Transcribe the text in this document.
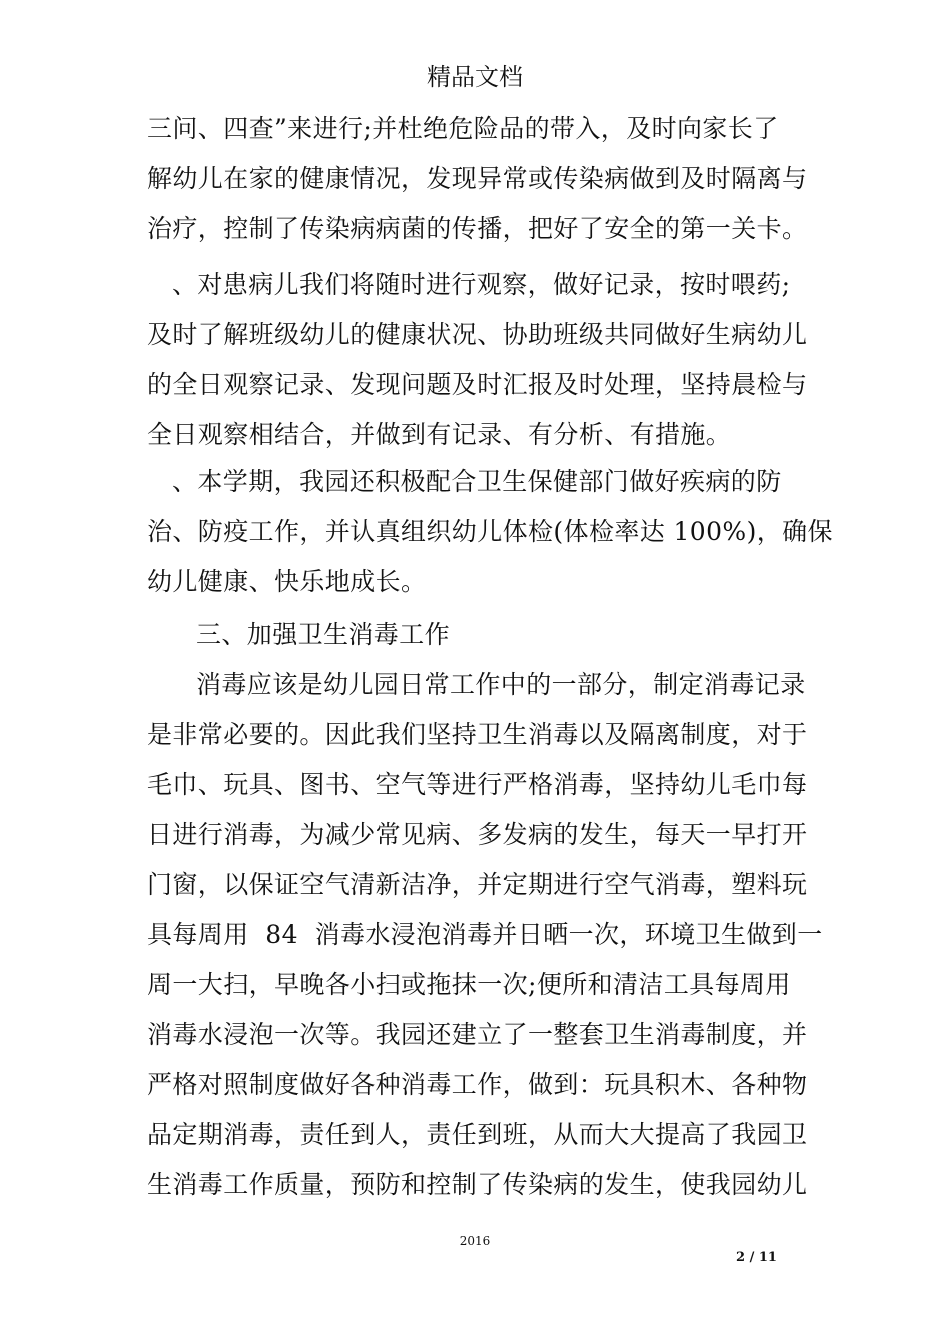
精品文档
三问、四查”来进行;并杜绝危险品的带入，及时向家长了
解幼儿在家的健康情况，发现异常或传染病做到及时隔离与
治疗，控制了传染病病菌的传播，把好了安全的第一关卡。
、对患病儿我们将随时进行观察，做好记录，按时喂药;
及时了解班级幼儿的健康状况、协助班级共同做好生病幼儿
的全日观察记录、发现问题及时汇报及时处理，坚持晨检与
全日观察相结合，并做到有记录、有分析、有措施。
、本学期，我园还积极配合卫生保健部门做好疾病的防
治、防疫工作，并认真组织幼儿体检(体检率达 100%)，确保
幼儿健康、快乐地成长。
三、加强卫生消毒工作
消毒应该是幼儿园日常工作中的一部分，制定消毒记录
是非常必要的。因此我们坚持卫生消毒以及隔离制度，对于
毛巾、玩具、图书、空气等进行严格消毒，坚持幼儿毛巾每
日进行消毒，为减少常见病、多发病的发生，每天一早打开
门窗，以保证空气清新洁净，并定期进行空气消毒，塑料玩
具每周用  84  消毒水浸泡消毒并日晒一次，环境卫生做到一
周一大扫，早晚各小扫或拖抹一次;便所和清洁工具每周用
消毒水浸泡一次等。我园还建立了一整套卫生消毒制度，并
严格对照制度做好各种消毒工作，做到：玩具积木、各种物
品定期消毒，责任到人，责任到班，从而大大提高了我园卫
生消毒工作质量，预防和控制了传染病的发生，使我园幼儿
2016
2 / 11
